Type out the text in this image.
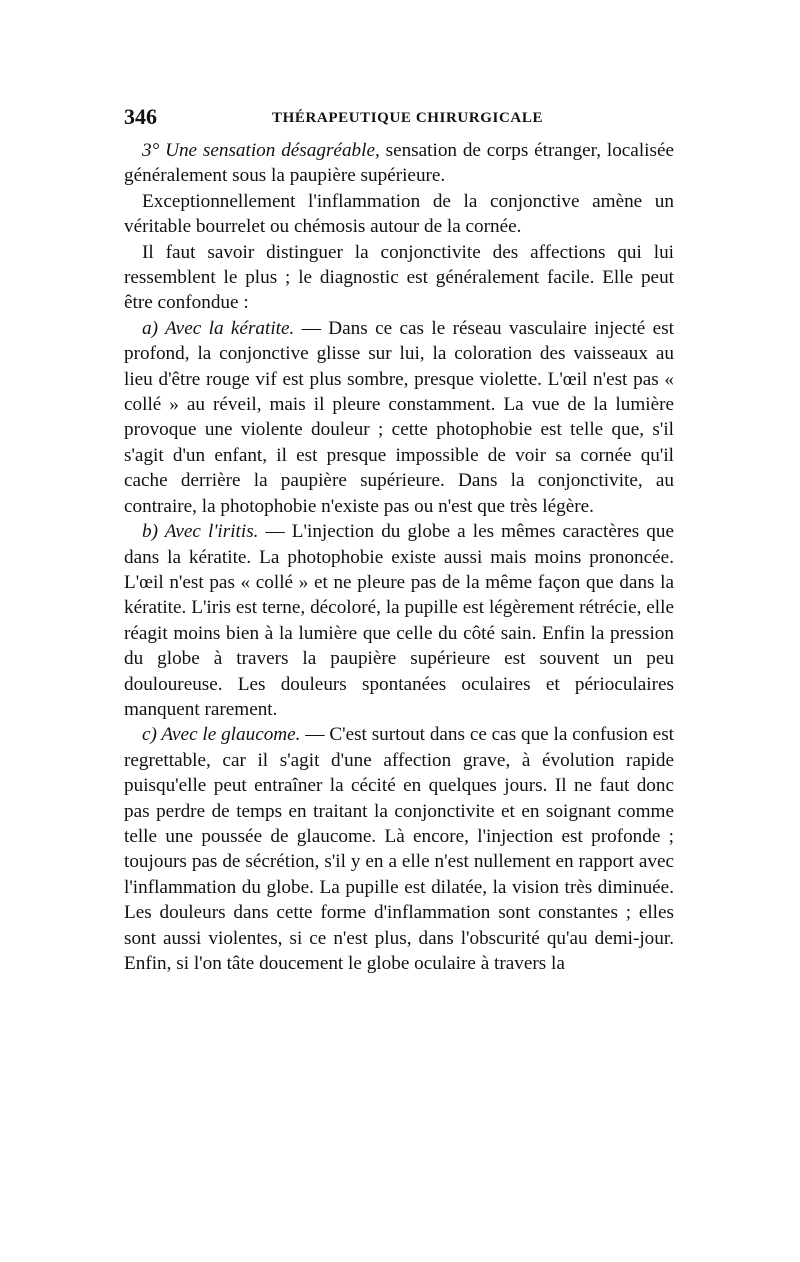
346	THÉRAPEUTIQUE CHIRURGICALE

3° Une sensation désagréable, sensation de corps étranger, localisée généralement sous la paupière supérieure.

Exceptionnellement l'inflammation de la conjonctive amène un véritable bourrelet ou chémosis autour de la cornée.

Il faut savoir distinguer la conjonctivite des affections qui lui ressemblent le plus ; le diagnostic est généralement facile. Elle peut être confondue :

a) Avec la kératite. — Dans ce cas le réseau vasculaire injecté est profond, la conjonctive glisse sur lui, la coloration des vaisseaux au lieu d'être rouge vif est plus sombre, presque violette. L'œil n'est pas « collé » au réveil, mais il pleure constamment. La vue de la lumière provoque une violente douleur ; cette photophobie est telle que, s'il s'agit d'un enfant, il est presque impossible de voir sa cornée qu'il cache derrière la paupière supérieure. Dans la conjonctivite, au contraire, la photophobie n'existe pas ou n'est que très légère.

b) Avec l'iritis. — L'injection du globe a les mêmes caractères que dans la kératite. La photophobie existe aussi mais moins prononcée. L'œil n'est pas « collé » et ne pleure pas de la même façon que dans la kératite. L'iris est terne, décoloré, la pupille est légèrement rétrécie, elle réagit moins bien à la lumière que celle du côté sain. Enfin la pression du globe à travers la paupière supérieure est souvent un peu douloureuse. Les douleurs spontanées oculaires et périoculaires manquent rarement.

c) Avec le glaucome. — C'est surtout dans ce cas que la confusion est regrettable, car il s'agit d'une affection grave, à évolution rapide puisqu'elle peut entraîner la cécité en quelques jours. Il ne faut donc pas perdre de temps en traitant la conjonctivite et en soignant comme telle une poussée de glaucome. Là encore, l'injection est profonde ; toujours pas de sécrétion, s'il y en a elle n'est nullement en rapport avec l'inflammation du globe. La pupille est dilatée, la vision très diminuée. Les douleurs dans cette forme d'inflammation sont constantes ; elles sont aussi violentes, si ce n'est plus, dans l'obscurité qu'au demi-jour. Enfin, si l'on tâte doucement le globe oculaire à travers la
